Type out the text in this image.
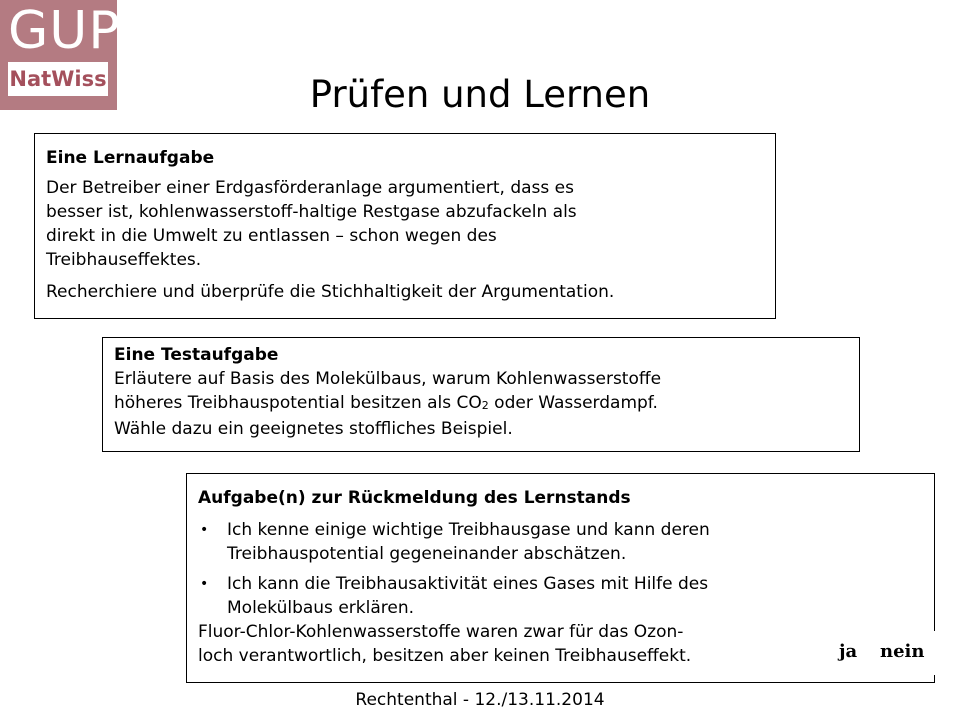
GUP
NatWiss	Prüfen und Lernen
Eine Lernaufgabe
Der Betreiber einer Erdgasförderanlage argumentiert, dass es
besser ist, kohlenwasserstoff-haltige Restgase abzufackeln als
direkt in die Umwelt zu entlassen – schon wegen des
Treibhauseffektes.
Recherchiere und überprüfe die Stichhaltigkeit der Argumentation.
Eine Testaufgabe
Erläutere auf Basis des Molekülbaus, warum Kohlenwasserstoffe
höheres Treibhauspotential besitzen als $CO_2$ oder Wasserdampf.
Wähle dazu ein geeignetes stoffliches Beispiel.
Aufgabe(n) zur Rückmeldung des Lernstands
• Ich kenne einige wichtige Treibhausgase und kann deren
Treibhauspotential gegeneinander abschätzen.
• Ich kann die Treibhausaktivität eines Gases mit Hilfe des
Molekülbaus erklären.
Fluor-Chlor-Kohlenwasserstoffe waren zwar für das Ozon-
loch verantwortlich, besitzen aber keinen Treibhauseffekt.	ja nein
Rechtenthal - 12./13.11.2014
